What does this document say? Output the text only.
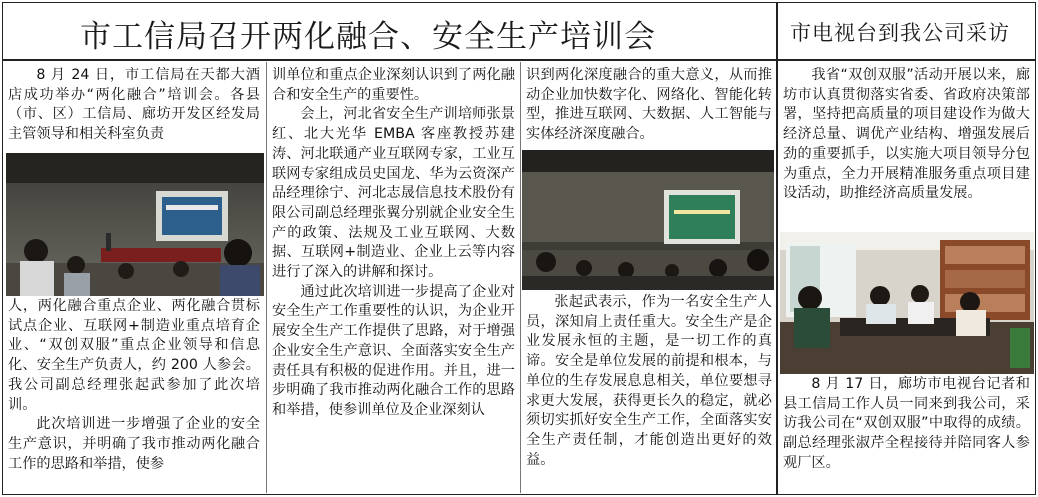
市工信局召开两化融合、安全生产培训会	市电视台到我公司采访

8 月 24 日，市工信局在天都大酒店成功举办“两化融合”培训会。各县（市、区）工信局、廊坊开发区经发局主管领导和相关科室负责

人，两化融合重点企业、两化融合贯标试点企业、互联网+制造业重点培育企业、“双创双服”重点企业领导和信息化、安全生产负责人，约 200 人参会。我公司副总经理张起武参加了此次培训。

此次培训进一步增强了企业的安全生产意识，并明确了我市推动两化融合工作的思路和举措，使参

训单位和重点企业深刻认识到了两化融合和安全生产的重要性。

会上，河北省安全生产训培师张景红、北大光华 EMBA 客座教授苏建涛、河北联通产业互联网专家，工业互联网专家组成员史国龙、华为云资深产品经理徐宁、河北志晟信息技术股份有限公司副总经理张翼分别就企业安全生产的政策、法规及工业互联网、大数据、互联网+制造业、企业上云等内容进行了深入的讲解和探讨。

通过此次培训进一步提高了企业对安全生产工作重要性的认识，为企业开展安全生产工作提供了思路，对于增强企业安全生产意识、全面落实安全生产责任具有积极的促进作用。并且，进一步明确了我市推动两化融合工作的思路和举措，使参训单位及企业深刻认

识到两化深度融合的重大意义，从而推动企业加快数字化、网络化、智能化转型，推进互联网、大数据、人工智能与实体经济深度融合。

张起武表示，作为一名安全生产人员，深知肩上责任重大。安全生产是企业发展永恒的主题，是一切工作的真谛。安全是单位发展的前提和根本，与单位的生存发展息息相关，单位要想寻求更大发展，获得更长久的稳定，就必须切实抓好安全生产工作，全面落实安全生产责任制，才能创造出更好的效益。

我省“双创双服”活动开展以来，廊坊市认真贯彻落实省委、省政府决策部署，坚持把高质量的项目建设作为做大经济总量、调优产业结构、增强发展后劲的重要抓手，以实施大项目领导分包为重点，全力开展精准服务重点项目建设活动，助推经济高质量发展。

8 月 17 日，廊坊市电视台记者和县工信局工作人员一同来到我公司，采访我公司在“双创双服”中取得的成绩。副总经理张淑芹全程接待并陪同客人参观厂区。
